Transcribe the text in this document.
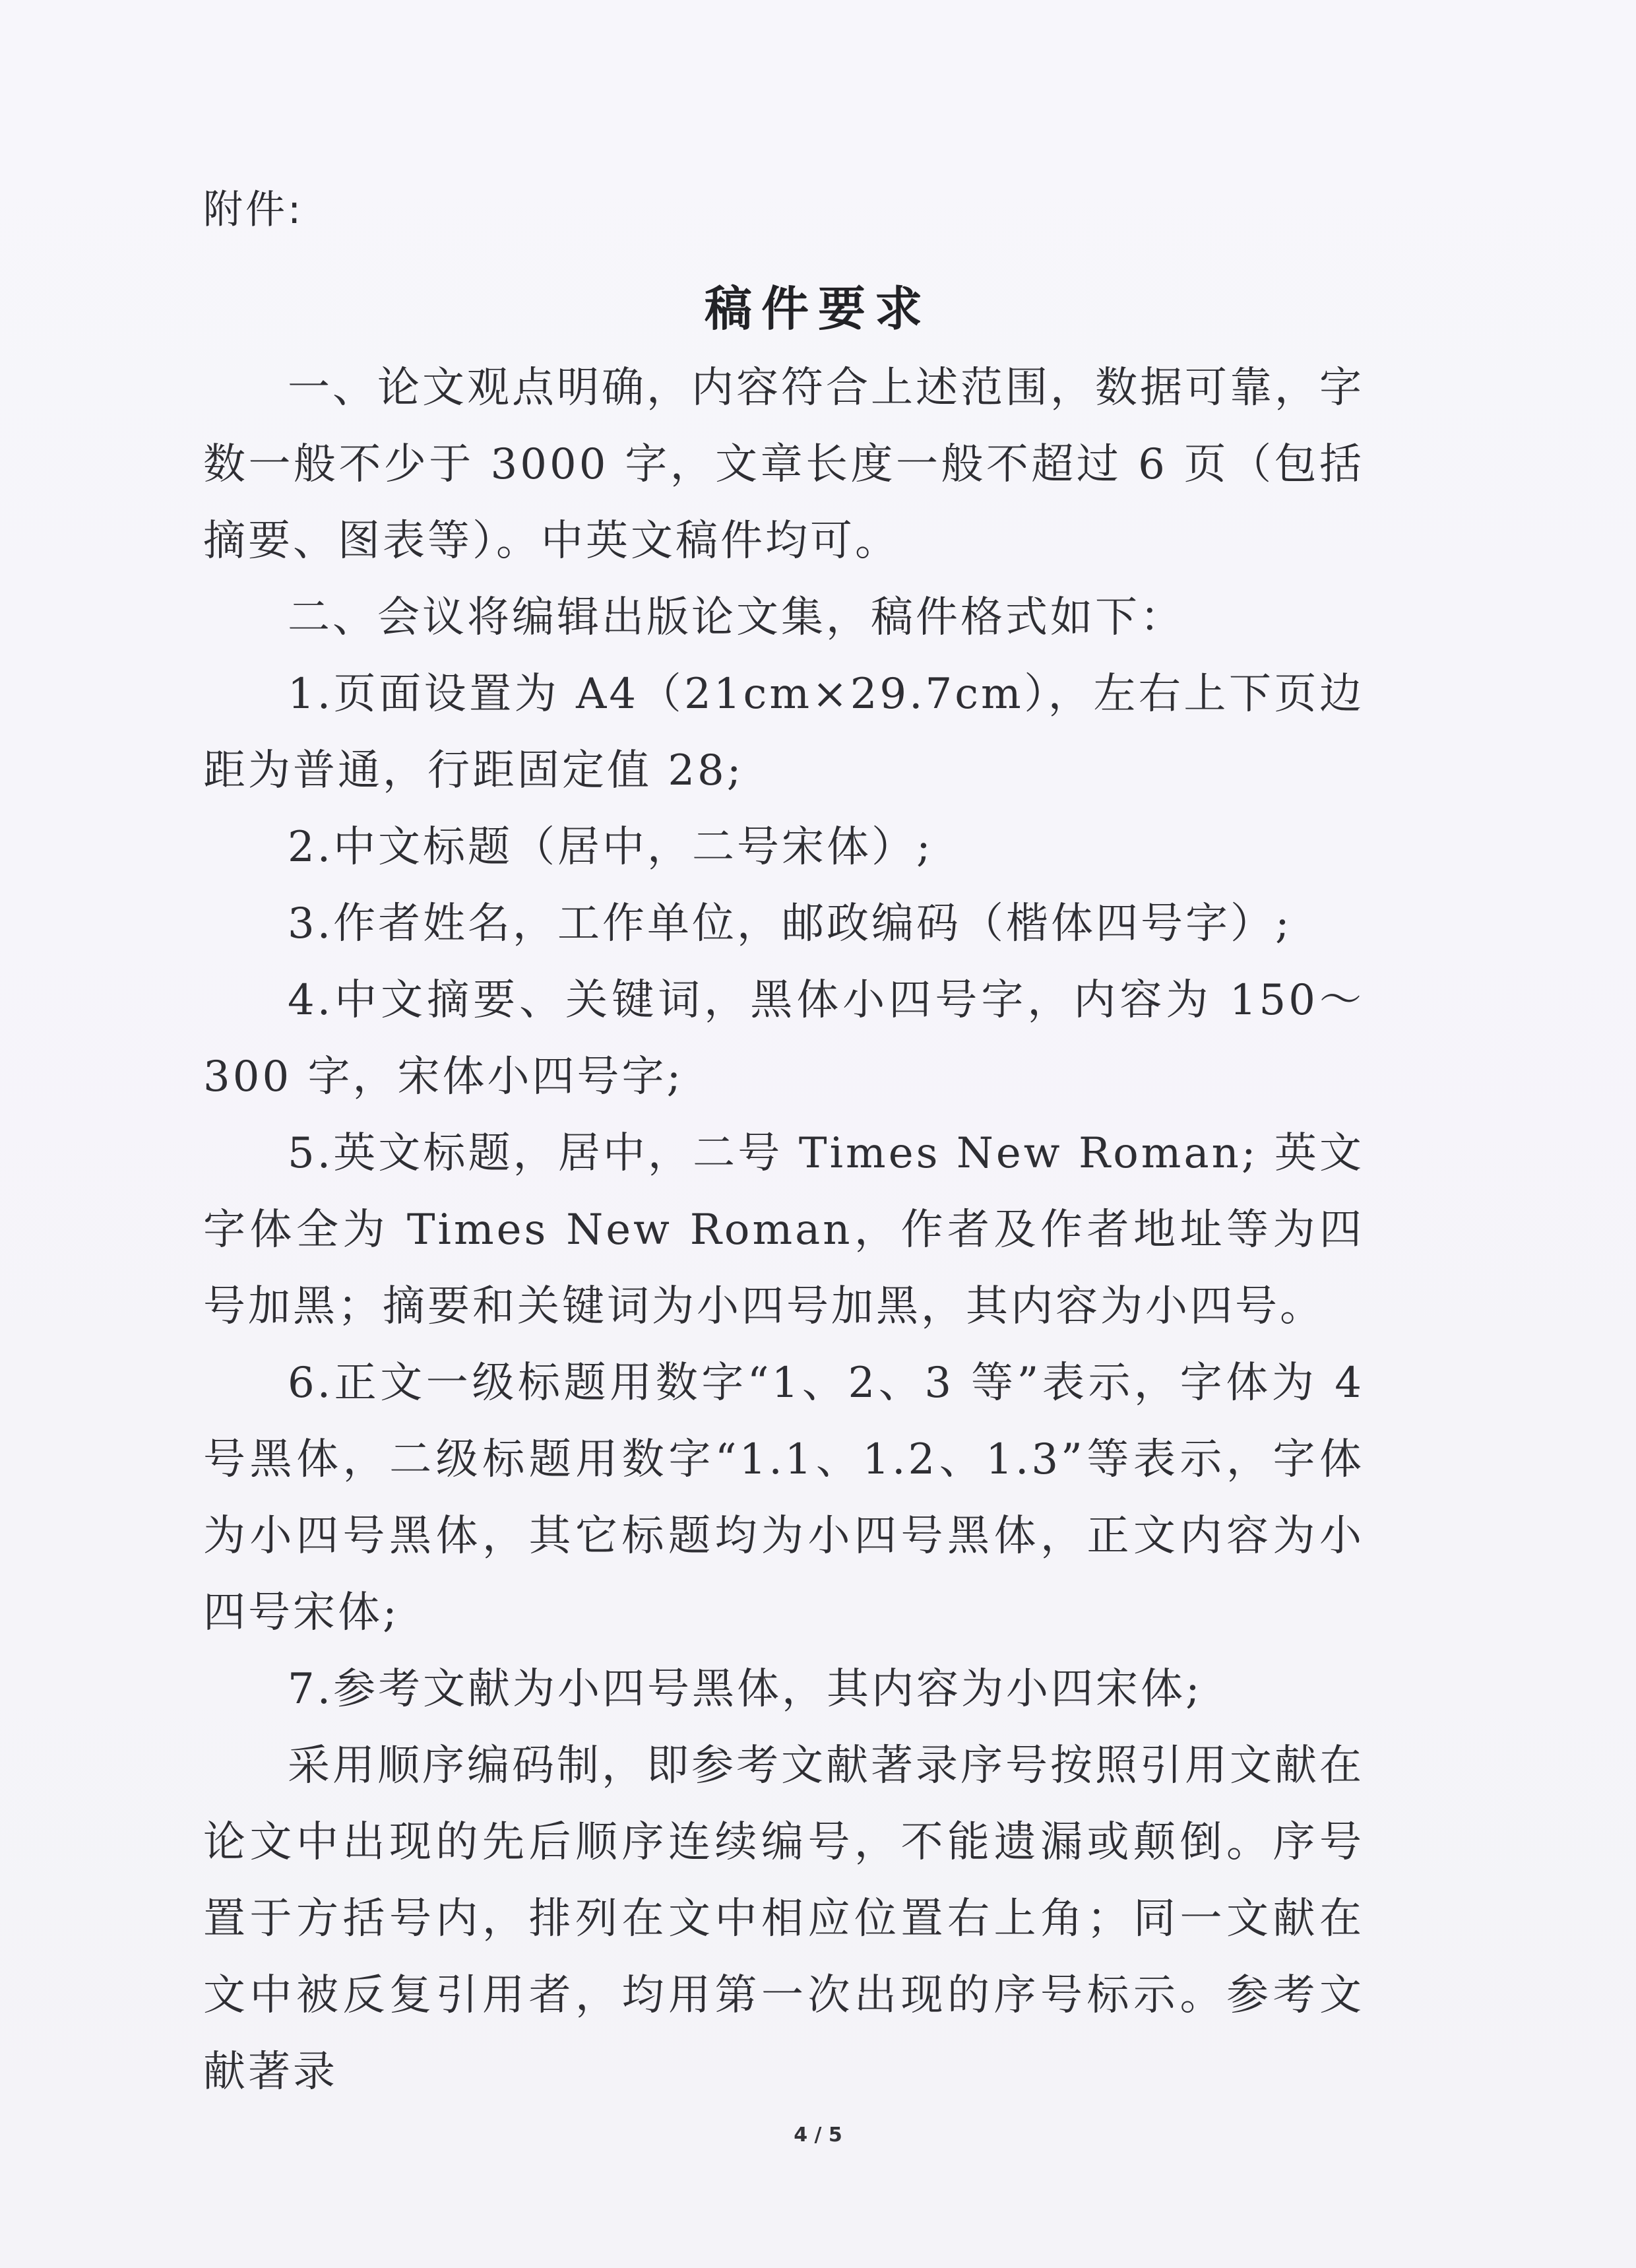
附件:
稿件要求

一、论文观点明确，内容符合上述范围，数据可靠，字数一般不少于 3000 字，文章长度一般不超过 6 页（包括摘要、图表等）。中英文稿件均可。

二、会议将编辑出版论文集，稿件格式如下：

1.页面设置为 A4（21cm×29.7cm），左右上下页边距为普通，行距固定值 28;

2.中文标题（居中，二号宋体）;

3.作者姓名，工作单位，邮政编码（楷体四号字）;

4.中文摘要、关键词，黑体小四号字，内容为 150～300 字，宋体小四号字;

5.英文标题，居中，二号 Times New Roman; 英文字体全为 Times New Roman，作者及作者地址等为四号加黑；摘要和关键词为小四号加黑，其内容为小四号。

6.正文一级标题用数字“1、2、3 等”表示，字体为 4 号黑体，二级标题用数字“1.1、1.2、1.3”等表示，字体为小四号黑体，其它标题均为小四号黑体，正文内容为小四号宋体;

7.参考文献为小四号黑体，其内容为小四宋体;

采用顺序编码制，即参考文献著录序号按照引用文献在论文中出现的先后顺序连续编号，不能遗漏或颠倒。序号置于方括号内，排列在文中相应位置右上角；同一文献在文中被反复引用者，均用第一次出现的序号标示。参考文献著录

4 / 5
